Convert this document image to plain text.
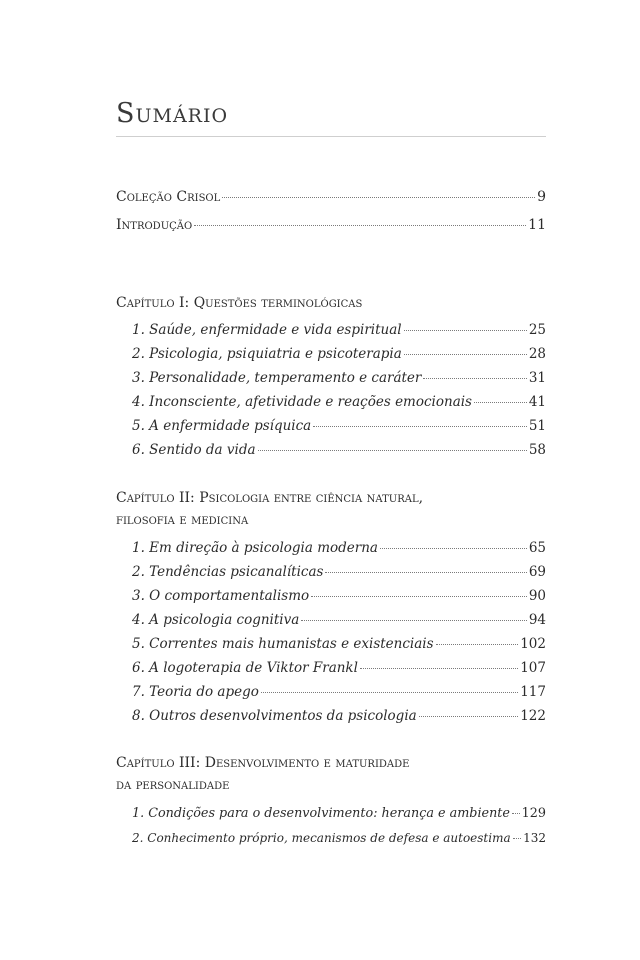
Sumário
Coleção Crisol	9
Introdução	11
Capítulo I: Questões terminológicas
1. Saúde, enfermidade e vida espiritual	25
2. Psicologia, psiquiatria e psicoterapia	28
3. Personalidade, temperamento e caráter	31
4. Inconsciente, afetividade e reações emocionais	41
5. A enfermidade psíquica	51
6. Sentido da vida	58
Capítulo II: Psicologia entre ciência natural,
filosofia e medicina
1. Em direção à psicologia moderna	65
2. Tendências psicanalíticas	69
3. O comportamentalismo	90
4. A psicologia cognitiva	94
5. Correntes mais humanistas e existenciais	102
6. A logoterapia de Viktor Frankl	107
7. Teoria do apego	117
8. Outros desenvolvimentos da psicologia	122
Capítulo III: Desenvolvimento e maturidade
da personalidade
1. Condições para o desenvolvimento: herança e ambiente 129
2. Conhecimento próprio, mecanismos de defesa e autoestima 132
